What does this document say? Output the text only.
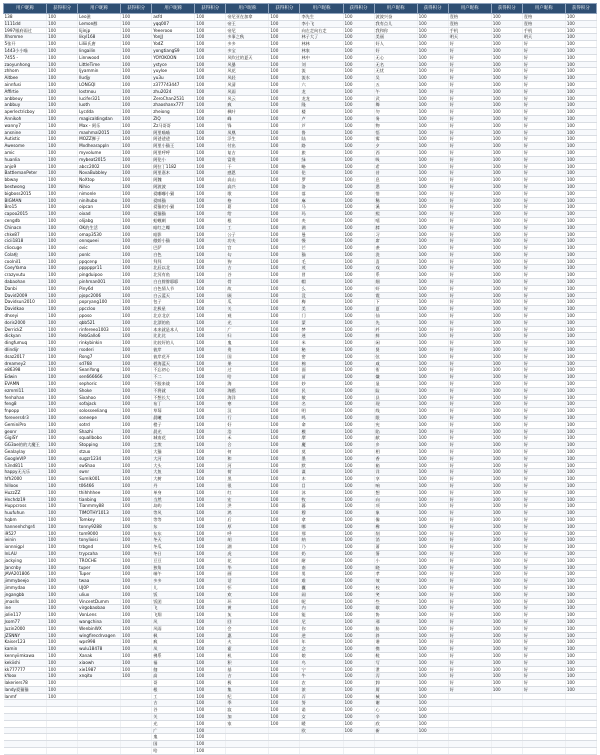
用户昵称	获得积分	用户昵称	获得积分	用户昵称	获得积分	用户昵称	获得积分	用户昵称	获得积分	用户昵称	获得积分	用户昵称	获得积分	用户昵称	获得积分
138	100	Leo滋	100	asfd	100	帝尼亚在加拿	100	李先生	100	波波兴奋	100	壹格	100	壹格	100
1111dd	100	Lemon醇	100	yqq007	100	帝王	100	李小飞	100	我有点儿	100	壹格	100	壹格	100
1997雁府雨过	100	lijinjp	100	Yeeerooo	100	帝尼	100	向左走向右走	100	我和你	100	手机	100	手机	100
Xhsmme	100	likyl168	100	YonJJ	100	多事之秋	100	林子大了	100	美丽	100	明天	100	明天	100
5张开	100	Liliii氏唐	100	YodZ	100	多多	100	林林	100	好人	100	好	100	好	100
1443小小喵	100	lingailin	100	yongtiangS9	100	多宝	100	林家	100	好	100	好	100	好	100
7455 -	100	Linnwood	100	YOYOKOON	100	风吹过的夏天	100	林中	100	无心	100	好	100	好	100
zaoyunhong	100	LittleTime	100	ystyce	100	风暴	100	刘	100	无名	100	好	100	好	100
zhhom	100	ljyammin	100	yuyloe	100	风花	100	流	100	无忧	100	好	100	好	100
Aitbee	100	lludjy	100	yu3u	100	风轻	100	流水	100	吴	100	好	100	好	100
ainnfusi	100	LONGQI	100	z377743447	100	风清	100	六	100	五	100	好	100	好	100
Affirtie	100	lostmou	100	zhu2024	100	风雨	100	龙	100	午	100	好	100	好	100
anbbeuy	100	lucifer321	100	ZeroChan2531	100	风云	100	龙龙	100	武	100	好	100	好	100
anbbuy	100	luoth	100	zhaoshanx777	100	疯	100	隆	100	舞	100	好	100	好	100
aperlectricboy	100	Lycdda	100	zheiong	100	枫叶	100	楼	100	勿	100	好	100	好	100
Annikoh	100	magicaldingdan	100	ZIQ	100	峰	100	卢	100	务	100	好	100	好	100
wanny7	100	Max・阿乐	100	Zz马哥哥	100	锋	100	芦	100	物	100	好	100	好	100
ansnine	100	maxhmal2015	100	阿里喵喵	100	凤凰	100	鲁	100	悟	100	好	100	好	100
Autistic	100	MOZZ狮子	100	阿爸爸爸	100	浮生	100	陆	100	雾	100	好	100	好	100
Awesome	100	Mxdhearappln	100	阿里小猫王	100	付出	100	路	100	夕	100	好	100	好	100
amic	100	myvolume	100	阿里呼呼	100	复古	100	旅	100	西	100	好	100	好	100
huanlia	100	mybeat2015	100	阿伦小	100	富贵	100	绿	100	吸	100	好	100	好	100
anjo9	100	abcc2002	100	阿拉丁1182	100	干	100	略	100	希	100	好	100	好	100
BattlemanPeter	100	NovaBubbley	100	阿里嘉木	100	感恩	100	伦	100	昔	100	好	100	好	100
bbway	100	NoXtop	100	阿魏	100	高山	100	罗	100	息	100	好	100	好	100
bestwong	100	Nihio	100	阿波波	100	高兴	100	洛	100	悉	100	好	100	好	100
bigboss2015	100	nimonle	100	爱嘟嘟小猫	100	歌	100	落	100	惜	100	好	100	好	100
BIGMAN	100	ninihubo	100	爱咪猫	100	格	100	麻	100	稀	100	好	100	好	100
Bro15	100	oipcan	100	爱猫的小猫	100	葛	100	马	100	溪	100	好	100	好	100
capoo2015	100	oixad	100	爱猫猫	100	给	100	玛	100	熙	100	好	100	好	100
cengdb	100	olijabg	100	蛤蟆刺	100	根	100	麦	100	嘻	100	好	100	好	100
Chinacn	100	OK的生活	100	暗红之蝶	100	工	100	满	100	膝	100	好	100	好	100
chke87	100	omap3530	100	暗影	100	公子	100	曼	100	习	100	好	100	好	100
cicii1818	100	onnqueei	100	傲娇小猫	100	功夫	100	慢	100	席	100	好	100	好	100
cliocuge	100	ovic	100	巴萨	100	宫	100	芒	100	袭	100	好	100	好	100
Cola啦	100	ponlc	100	白色	100	勾	100	猫	100	洗	100	好	100	好	100
coolnil1	100	ppqcenp	100	拜拜	100	狗	100	毛	100	喜	100	好	100	好	100
CoeyYama	100	ppppppr11	100	北辰以北	100	古	100	茂	100	戏	100	好	100	好	100
crazyvutu	100	pingduipoo	100	北冥有鱼	100	谷	100	冒	100	系	100	好	100	好	100
dabaohan	100	pinhman001	100	白白胖胖耶耶	100	骨	100	帽	100	细	100	好	100	好	100
Danbi	100	Piny6d	100	白色情人节	100	故	100	么	100	虾	100	好	100	好	100
David2009	100	pjopc2006	100	白云蓝天	100	顾	100	没	100	霞	100	好	100	好	100
Davidsun2010	100	popryang100	100	包子	100	瓜	100	梅	100	下	100	好	100	好	100
Davidkao	100	ppccloo	100	北极星	100	关	100	美	100	夏	100	好	100	好	100
dhseyi	100	pposo	100	北京北京	100	观	100	门	100	仙	100	好	100	好	100
doris2000	100	qbb521	100	北漂的鱼	100	光	100	蒙	100	先	100	好	100	好	100
DerrickZ	100	rinfereeo1003	100	本来就是本人	100	广	100	梦	100	纤	100	好	100	好	100
dickyan	100	RebGallo6	100	比比比	100	归	100	迷	100	鲜	100	好	100	好	100
dingfumuq	100	rinkybinkin	100	比较好的人	100	鬼	100	米	100	闲	100	好	100	好	100
dlindijr	100	rsoderi	100	彼岸	100	贵	100	秘	100	贤	100	好	100	好	100
dsaz2017	100	Rong7	100	彼岸花开	100	国	100	密	100	弦	100	好	100	好	100
dreamey2	100	sd768	100	碧海蓝天	100	果	100	棉	100	咸	100	好	100	好	100
e86398	100	SeanYong	100	不忘初心	100	过	100	面	100	衔	100	好	100	好	100
Edwin	100	sen666666	100	不二	100	哈	100	苗	100	嫌	100	好	100	好	100
EVAMN	100	sephoric	100	不服来战	100	海	100	妙	100	显	100	好	100	好	100
ezmml11	100	Shoke	100	不将就	100	海鸥	100	民	100	险	100	好	100	好	100
fenhahan	100	Sixahoo	100	不想长大	100	海洋	100	敏	100	县	100	好	100	好	100
feng8	100	sofajack	100	布丁	100	寒	100	名	100	现	100	好	100	好	100
fnpopp	100	solosseeliang	100	草莓	100	汉	100	明	100	线	100	好	100	好	100
forevers4r3	100	soneepe	100	晨曦	100	行	100	鸣	100	限	100	好	100	好	100
GeminiPro	100	sotrd	100	橙子	100	好	100	命	100	宪	100	好	100	好	100
geonr	100	Shazhi	100	晨光	100	浩	100	模	100	陷	100	好	100	好	100
GigiSY	100	squallbobo	100	城南花	100	禾	100	摩	100	献	100	好	100	好	100
GG3ae的的大魔王	100	Stopping	100	尘埃	100	合	100	魔	100	乡	100	好	100	好	100
GeaIaylay	100	stzuo	100	大猫	100	何	100	莫	100	相	100	好	100	好	100
GoogleVIP	100	sugzr1234	100	大河	100	和	100	墨	100	香	100	好	100	好	100
h3nd811	100	swShao	100	大头	100	河	100	默	100	箱	100	好	100	好	100
happy无无乐	100	swnr	100	大鱼	100	荷	100	谋	100	详	100	好	100	好	100
hfh2000	100	Sumlk001	100	大树	100	黑	100	木	100	享	100	好	100	好	100
hilloox	100	t06466	100	丹	100	很	100	目	100	响	100	好	100	好	100
HuzzZZ	100	thihhhhee	100	单身	100	红	100	沐	100	想	100	好	100	好	100
Hnchdz19	100	tianbing	100	当然	100	宏	100	牧	100	向	100	好	100	好	100
Huppcross	100	Tianmmy88	100	岛屿	100	洪	100	暮	100	项	100	好	100	好	100
huufuhun	100	TIMOTHY1013	100	等风	100	鸿	100	穆	100	象	100	好	100	好	100
hqbm	100	Tomkey	100	等等	100	后	100	拿	100	像	100	好	100	好	100
hannenhchgr4	100	tonny9288	100	东	100	厚	100	哪	100	橡	100	好	100	好	100
i9527	100	tom9000	100	东东	100	呼	100	那	100	削	100	好	100	好	100
ieinin	100	tonylixisi	100	冬天	100	胡	100	纳	100	消	100	好	100	好	100
ionnnigpl	100	trbgnd	100	冬瓜	100	湖	100	乃	100	萧	100	好	100	好	100
InLAU	100	trypcaha	100	冬日	100	虎	100	奶	100	箫	100	好	100	好	100
jackying	100	TROCHE	100	豆豆	100	花	100	耐	100	小	100	好	100	好	100
Jancnby	100	tuper	100	独角	100	华	100	南	100	晓	100	好	100	好	100
JAVA201806	100	Tuper	100	端午	100	画	100	男	100	孝	100	好	100	好	100
jimmybeejo	100	twaa	100	多多	100	话	100	难	100	效	100	好	100	好	100
jimmydao	100	UJ0P	100	儿	100	怀	100	囊	100	校	100	好	100	好	100
jngangbb	100	uliux	100	饭	100	欢	100	闹	100	笑	100	好	100	好	100
jmaslls	100	VincentDumm	100	饭团	100	环	100	呢	100	些	100	好	100	好	100
ine	100	virgobaobao	100	飞	100	黄	100	内	100	歇	100	好	100	好	100
jolie117	100	VonLens	100	飞翔	100	灰	100	能	100	协	100	好	100	好	100
Jsom77	100	wangchina	100	风	100	回	100	尼	100	邪	100	好	100	好	100
Juzin2000	100	WenbinWX	100	风雨	100	会	100	你	100	胁	100	好	100	好	100
JZSNNY	100	wingfirecdrvagen	100	枫	100	惠	100	逆	100	斜	100	好	100	好	100
Kaiser123	100	wps998	100	疯	100	火	100	年	100	谐	100	好	100	好	100
kamin	100	wulu18478	100	凤	100	霍	100	念	100	携	100	好	100	好	100
kennyiimkawa	100	Xanak	100	佛系	100	机	100	娘	100	鞋	100	好	100	好	100
kekiishi	100	xiaowh	100	福	100	积	100	鸟	100	写	100	好	100	好	100
kk777777	100	xie1987	100	伽	100	基	100	宁	100	泄	100	好	100	好	100
kYoox	100	xnqito	100	高	100	吉	100	牛	100	泻	100	好	100	好	100
lakeriers78	100			哥	100	极	100	农	100	卸	100	好	100	好	100
landy爱猫猫	100			根	100	集	100	浓	100	屑	100	好	100	好	100
lanmf	100			工	100	纪	100	弄	100	械	100				
				古	100	季	100	努	100	谢	100				
				谷	100	寂	100	诺	100	心	100				
				关	100	加	100	女	100	辛	100				
				光	100	家	100	暖	100	欣	100				
				广	100			欧	100	新	100				
				鬼	100										
				国	100										
				哈	100										
